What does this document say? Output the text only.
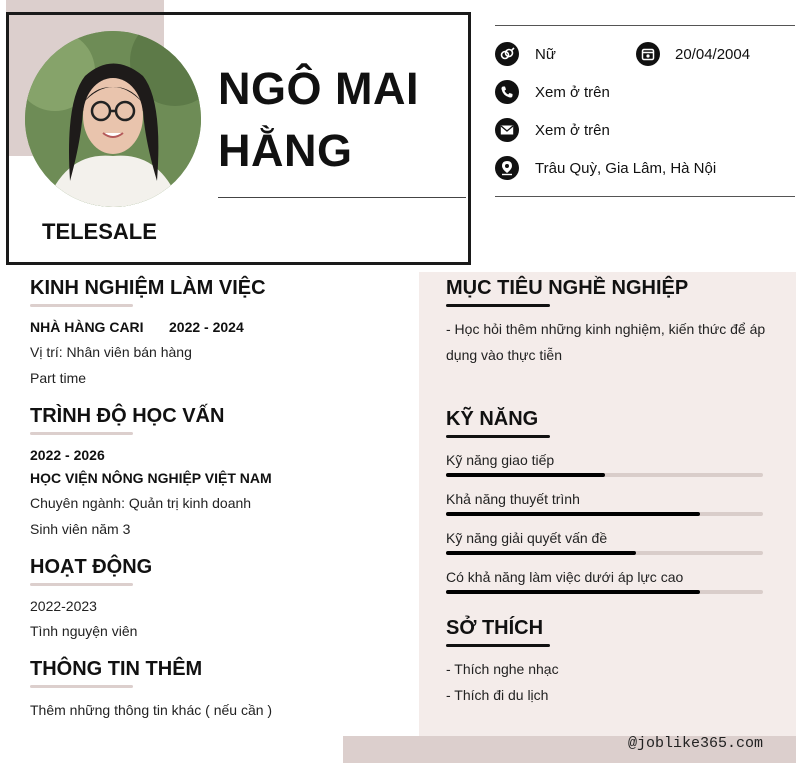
NGÔ MAI
HẰNG
TELESALE
Nữ	20/04/2004
Xem ở trên
Xem ở trên
Trâu Quỳ, Gia Lâm, Hà Nội
KINH NGHIỆM LÀM VIỆC
NHÀ HÀNG CARI 2022 - 2024
Vị trí: Nhân viên bán hàng
Part time
TRÌNH ĐỘ HỌC VẤN
2022 - 2026
HỌC VIỆN NÔNG NGHIỆP VIỆT NAM
Chuyên ngành: Quản trị kinh doanh
Sinh viên năm 3
HOẠT ĐỘNG
2022-2023
Tình nguyện viên
THÔNG TIN THÊM
Thêm những thông tin khác ( nếu cần )
MỤC TIÊU NGHỀ NGHIỆP
- Học hỏi thêm những kinh nghiệm, kiến thức để áp
dụng vào thực tiễn
KỸ NĂNG
Kỹ năng giao tiếp
Khả năng thuyết trình
Kỹ năng giải quyết vấn đề
Có khả năng làm việc dưới áp lực cao
SỞ THÍCH
- Thích nghe nhạc
- Thích đi du lịch
@joblike365.com
